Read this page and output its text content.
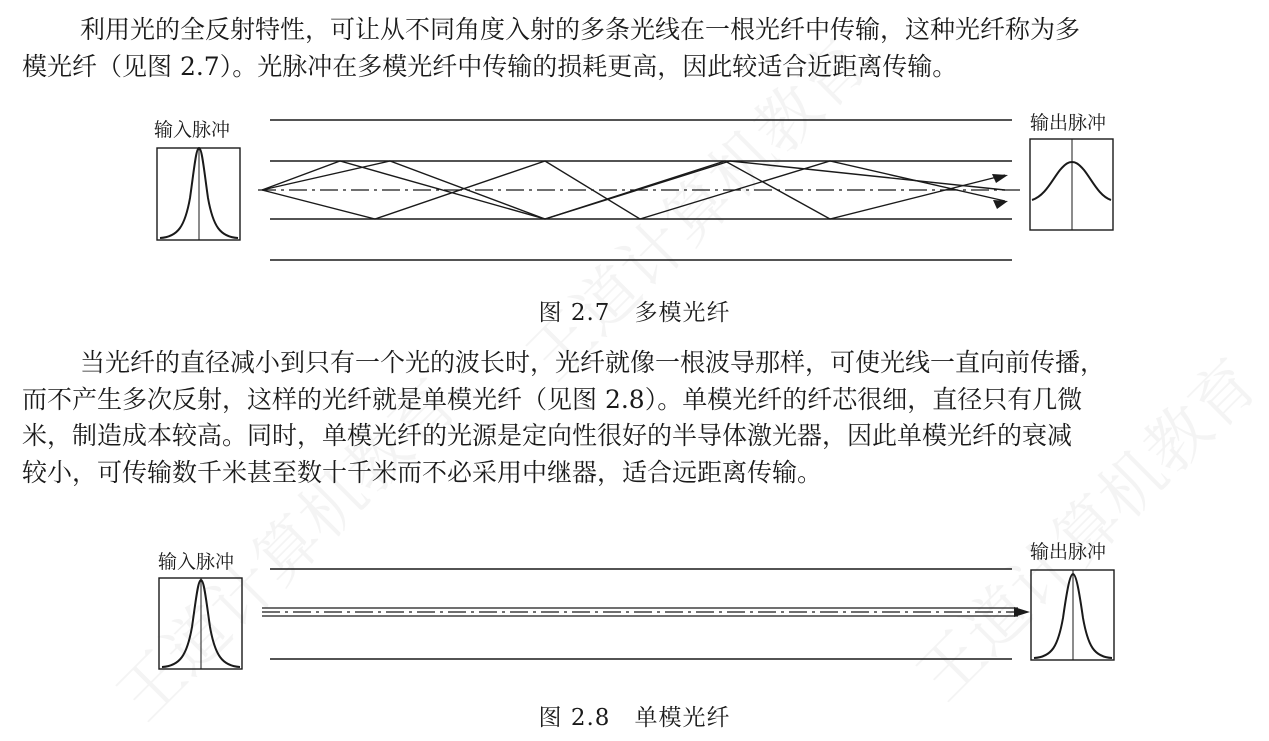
利用光的全反射特性，可让从不同角度入射的多条光线在一根光纤中传输，这种光纤称为多
模光纤（见图 2.7）。光脉冲在多模光纤中传输的损耗更高，因此较适合近距离传输。
输入脉冲	输出脉冲
图 2.7 多模光纤
当光纤的直径减小到只有一个光的波长时，光纤就像一根波导那样，可使光线一直向前传播，
而不产生多次反射，这样的光纤就是单模光纤（见图 2.8）。单模光纤的纤芯很细，直径只有几微
米，制造成本较高。同时，单模光纤的光源是定向性很好的半导体激光器，因此单模光纤的衰减
较小，可传输数千米甚至数十千米而不必采用中继器，适合远距离传输。
输入脉冲	输出脉冲
图 2.8 单模光纤
